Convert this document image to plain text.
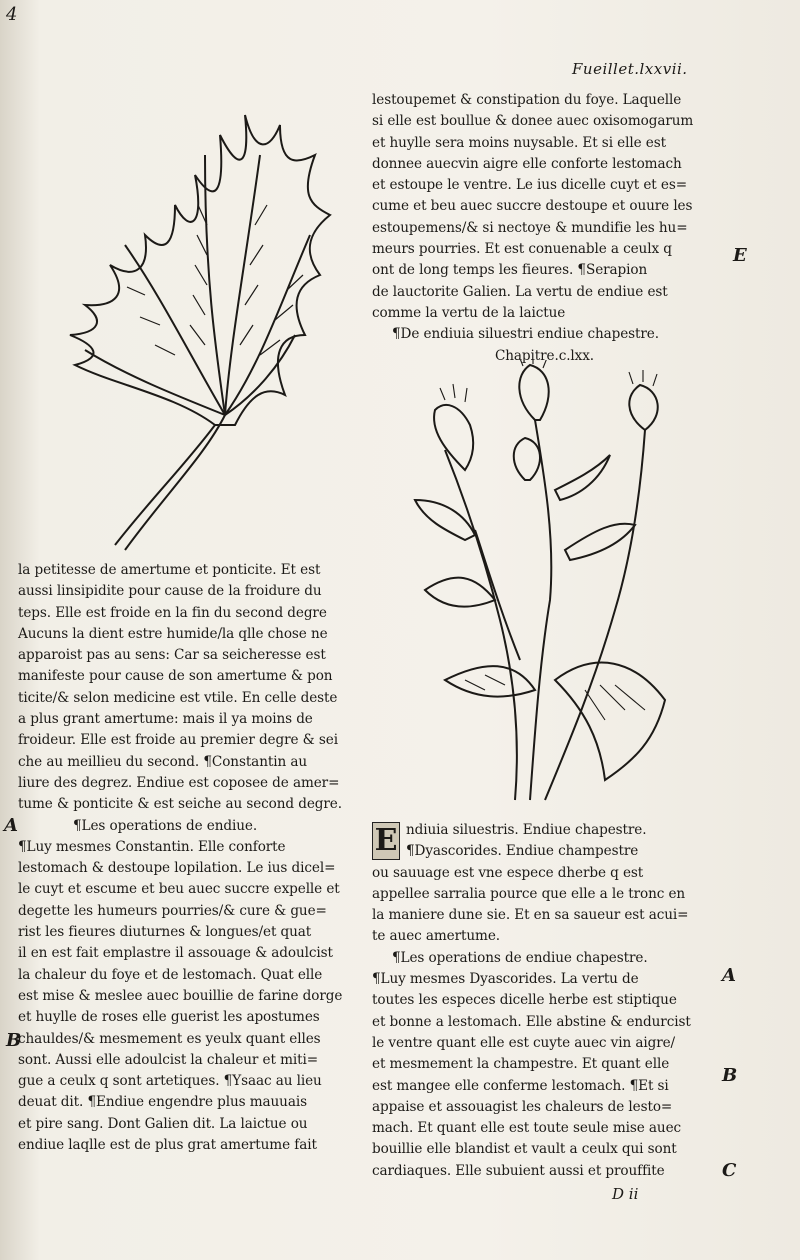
4
Fueillet.lxxvii.

la petitesse de amertume et ponticite. Et est

aussi linsipidite pour cause de la froidure du

teps. Elle est froide en la fin du second degre

Aucuns la dient estre humide/la qlle chose ne

apparoist pas au sens: Car sa seicheresse est

manifeste pour cause de son amertume & pon

ticite/& selon medicine est vtile. En celle deste

a plus grant amertume: mais il ya moins de

froideur. Elle est froide au premier degre & sei

che au meillieu du second. ¶Constantin au

liure des degrez. Endiue est coposee de amer=

tume & ponticite & est seiche au second degre.

¶Les operations de endiue.

¶Luy mesmes Constantin. Elle conforte

lestomach & destoupe lopilation. Le ius dicel=

le cuyt et escume et beu auec succre expelle et

degette les humeurs pourries/& cure & gue=

rist les fieures diuturnes & longues/et quat

il en est fait emplastre il assouage & adoulcist

la chaleur du foye et de lestomach. Quat elle

est mise & meslee auec bouillie de farine dorge

et huylle de roses elle guerist les apostumes

chauldes/& mesmement es yeulx quant elles

sont. Aussi elle adoulcist la chaleur et miti=

gue a ceulx q sont artetiques. ¶Ysaac au lieu

deuat dit. ¶Endiue engendre plus mauuais

et pire sang. Dont Galien dit. La laictue ou

endiue laqlle est de plus grat amertume fait

lestoupemet & constipation du foye. Laquelle

si elle est boullue & donee auec oxisomogarum

et huylle sera moins nuysable. Et si elle est

donnee auecvin aigre elle conforte lestomach

et estoupe le ventre. Le ius dicelle cuyt et es=

cume et beu auec succre destoupe et ouure les

estoupemens/& si nectoye & mundifie les hu=

meurs pourries. Et est conuenable a ceulx q

ont de long temps les fieures. ¶Serapion

de lauctorite Galien. La vertu de endiue est

comme la vertu de la laictue

¶De endiuia siluestri endiue chapestre.

Chapitre.c.lxx.

E ndiuia siluestris. Endiue chapestre.

¶Dyascorides. Endiue champestre

ou sauuage est vne espece dherbe q est

appellee sarralia pource que elle a le tronc en

la maniere dune sie. Et en sa saueur est acui=

te auec amertume.

¶Les operations de endiue chapestre.

¶Luy mesmes Dyascorides. La vertu de

toutes les especes dicelle herbe est stiptique

et bonne a lestomach. Elle abstine & endurcist

le ventre quant elle est cuyte auec vin aigre/

et mesmement la champestre. Et quant elle

est mangee elle conferme lestomach. ¶Et si

appaise et assouagist les chaleurs de lesto=

mach. Et quant elle est toute seule mise auec

bouillie elle blandist et vault a ceulx qui sont

cardiaques. Elle subuient aussi et prouffite

A
B
E
A
B
C
D ii
